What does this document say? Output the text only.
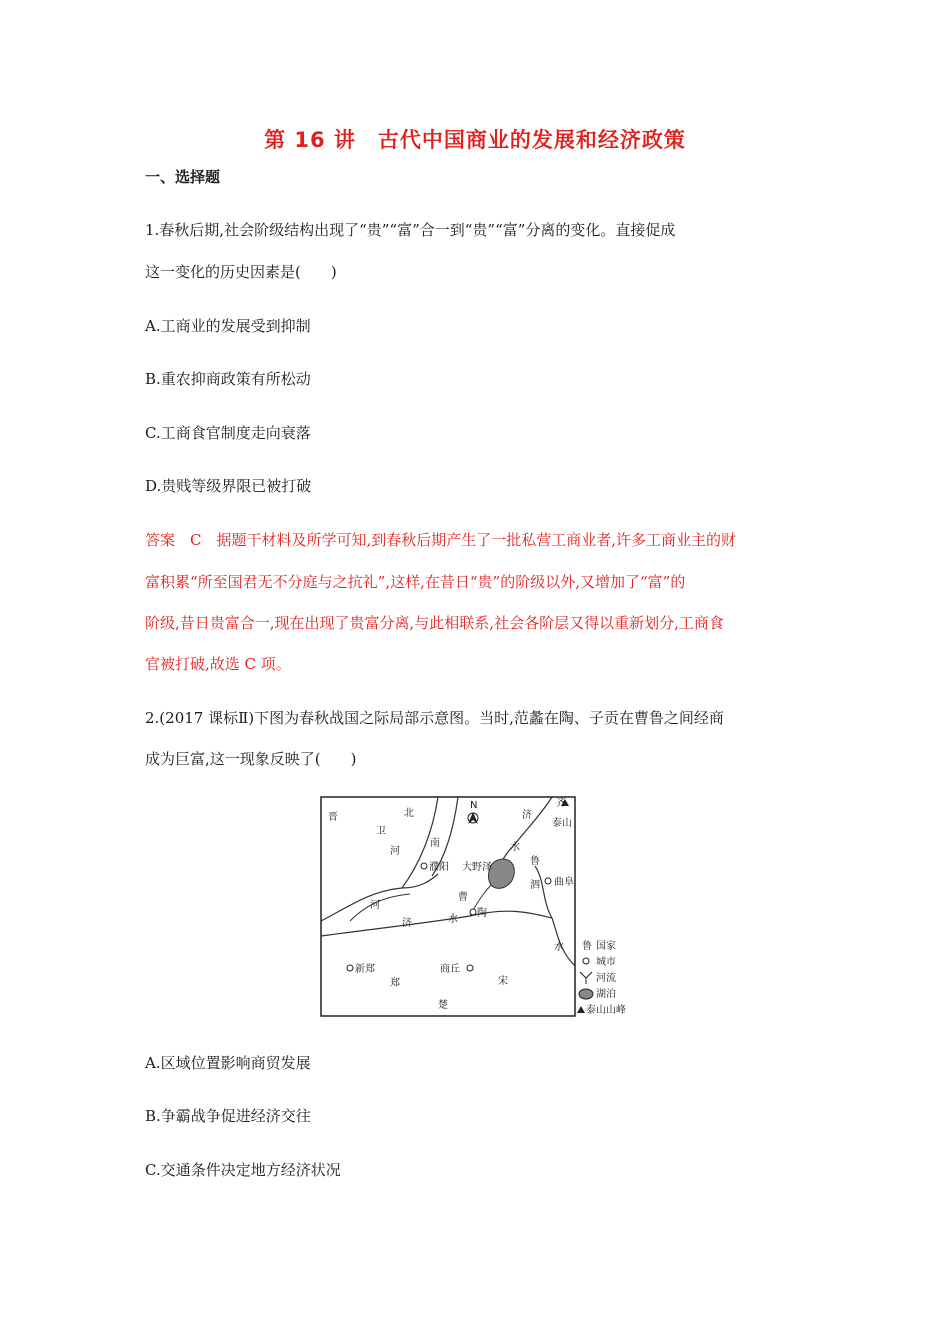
第 16 讲　古代中国商业的发展和经济政策
一、选择题
1.春秋后期,社会阶级结构出现了“贵”“富”合一到“贵”“富”分离的变化。直接促成
这一变化的历史因素是(　　)
A.工商业的发展受到抑制
B.重农抑商政策有所松动
C.工商食官制度走向衰落
D.贵贱等级界限已被打破
答案　C　据题干材料及所学可知,到春秋后期产生了一批私营工商业者,许多工商业主的财
富积累“所至国君无不分庭与之抗礼”,这样,在昔日“贵”的阶级以外,又增加了“富”的
阶级,昔日贵富合一,现在出现了贵富分离,与此相联系,社会各阶层又得以重新划分,工商食
官被打破,故选 C 项。
2.(2017 课标Ⅱ)下图为春秋战国之际局部示意图。当时,范蠡在陶、子贡在曹鲁之间经商
成为巨富,这一现象反映了(　　)
N
晋
卫
北
河
南
河
濮阳 大野泽
济
水
齐
泰山
鲁
泗 曲阜
曹
陶
济	水
水
新郑
郑
商丘
宋
楚
鲁 国家
城市
河流
湖泊
泰山山峰
A.区域位置影响商贸发展
B.争霸战争促进经济交往
C.交通条件决定地方经济状况
